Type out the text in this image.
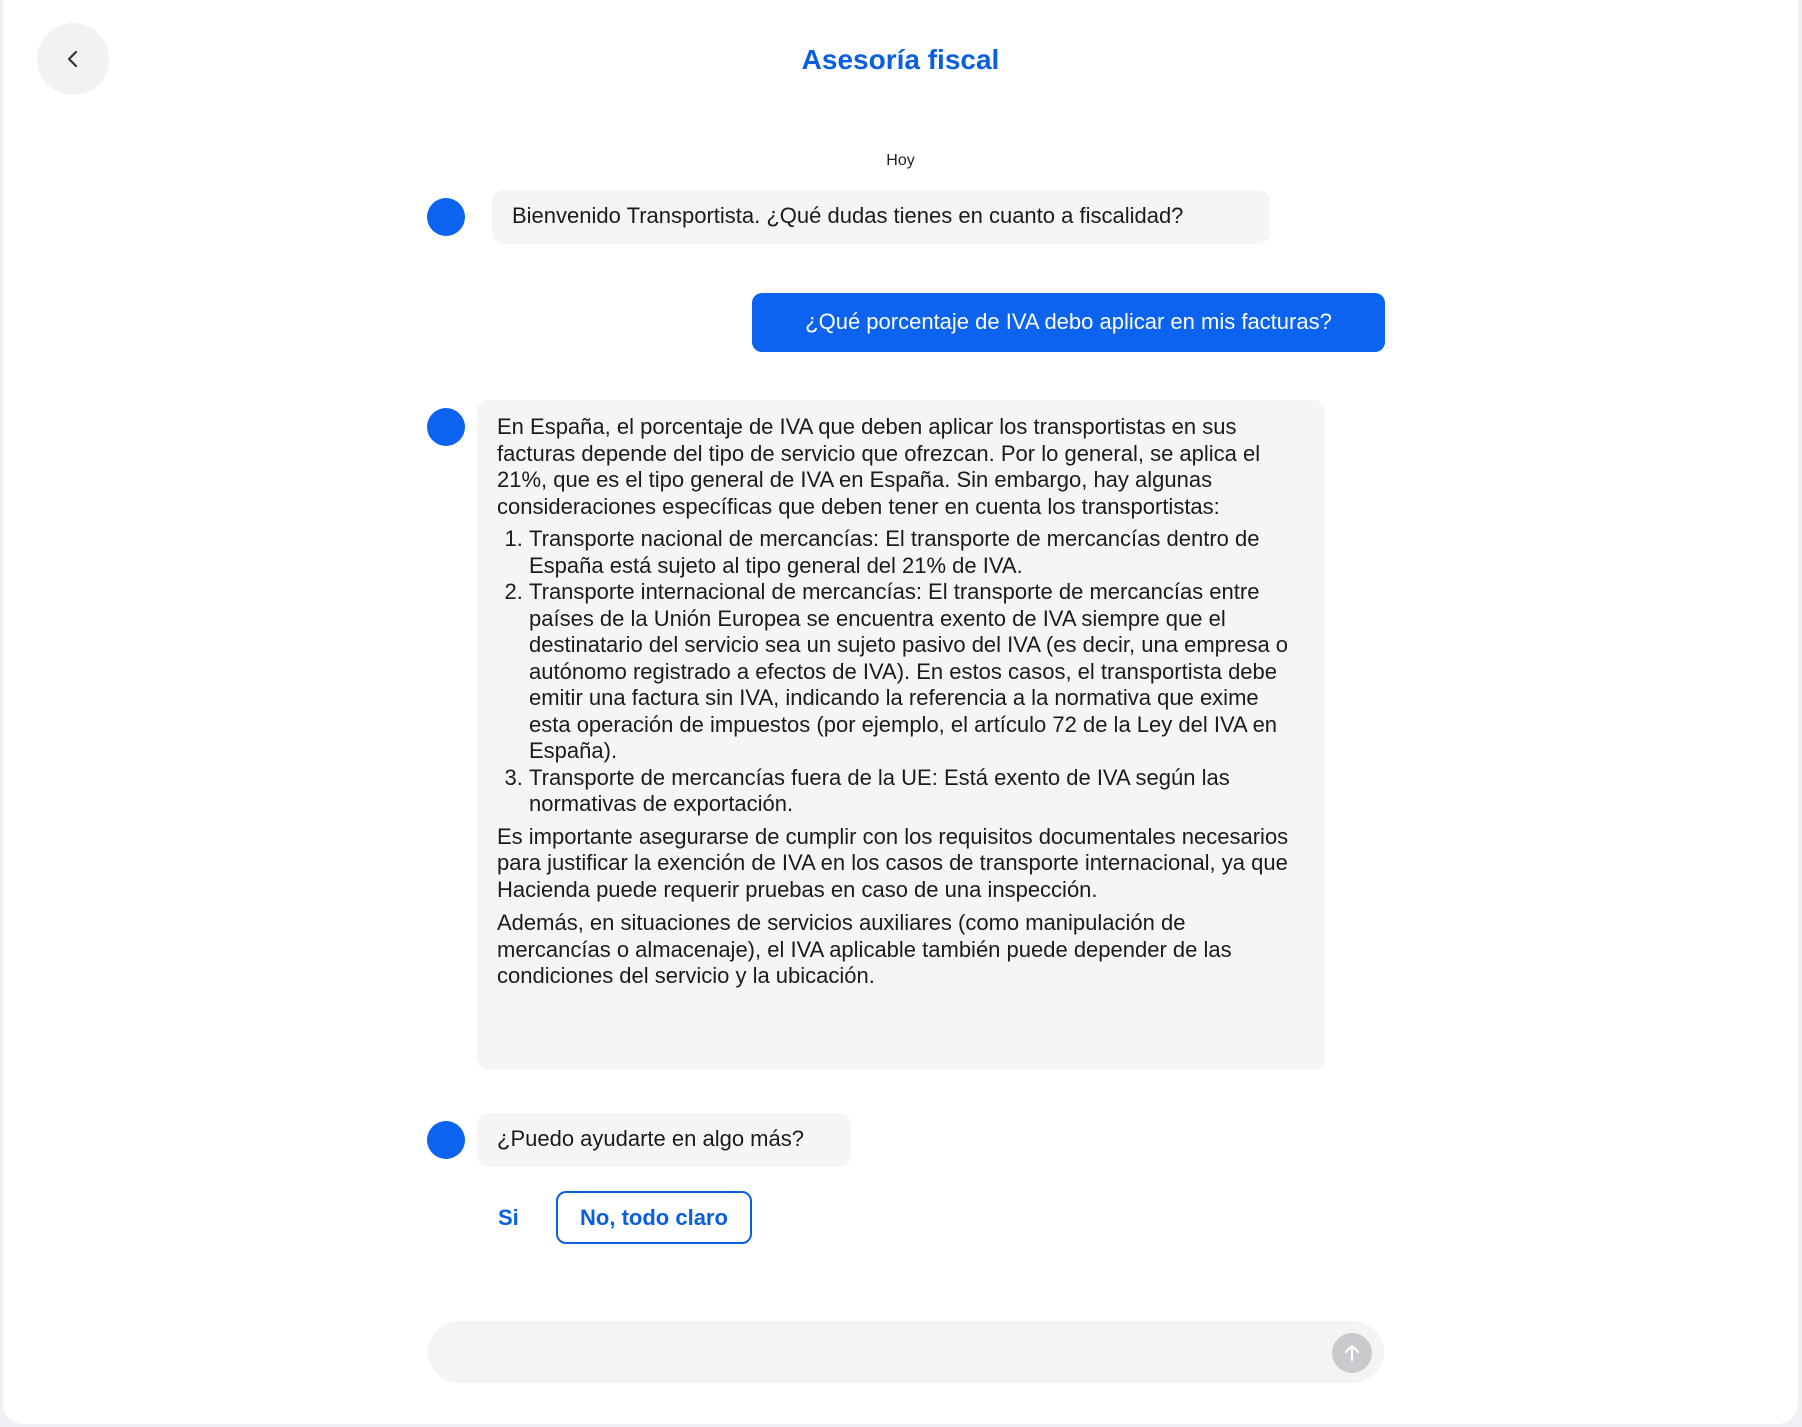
Asesoría fiscal
Hoy
Bienvenido Transportista. ¿Qué dudas tienes en cuanto a fiscalidad?
¿Qué porcentaje de IVA debo aplicar en mis facturas?

En España, el porcentaje de IVA que deben aplicar los transportistas en sus facturas depende del tipo de servicio que ofrezcan. Por lo general, se aplica el 21%, que es el tipo general de IVA en España. Sin embargo, hay algunas consideraciones específicas que deben tener en cuenta los transportistas:

1. Transporte nacional de mercancías: El transporte de mercancías dentro de España está sujeto al tipo general del 21% de IVA.
2. Transporte internacional de mercancías: El transporte de mercancías entre países de la Unión Europea se encuentra exento de IVA siempre que el destinatario del servicio sea un sujeto pasivo del IVA (es decir, una empresa o autónomo registrado a efectos de IVA). En estos casos, el transportista debe emitir una factura sin IVA, indicando la referencia a la normativa que exime esta operación de impuestos (por ejemplo, el artículo 72 de la Ley del IVA en España).
3. Transporte de mercancías fuera de la UE: Está exento de IVA según las normativas de exportación.

Es importante asegurarse de cumplir con los requisitos documentales necesarios para justificar la exención de IVA en los casos de transporte internacional, ya que Hacienda puede requerir pruebas en caso de una inspección.

Además, en situaciones de servicios auxiliares (como manipulación de mercancías o almacenaje), el IVA aplicable también puede depender de las condiciones del servicio y la ubicación.

¿Puedo ayudarte en algo más?
Si	No, todo claro
